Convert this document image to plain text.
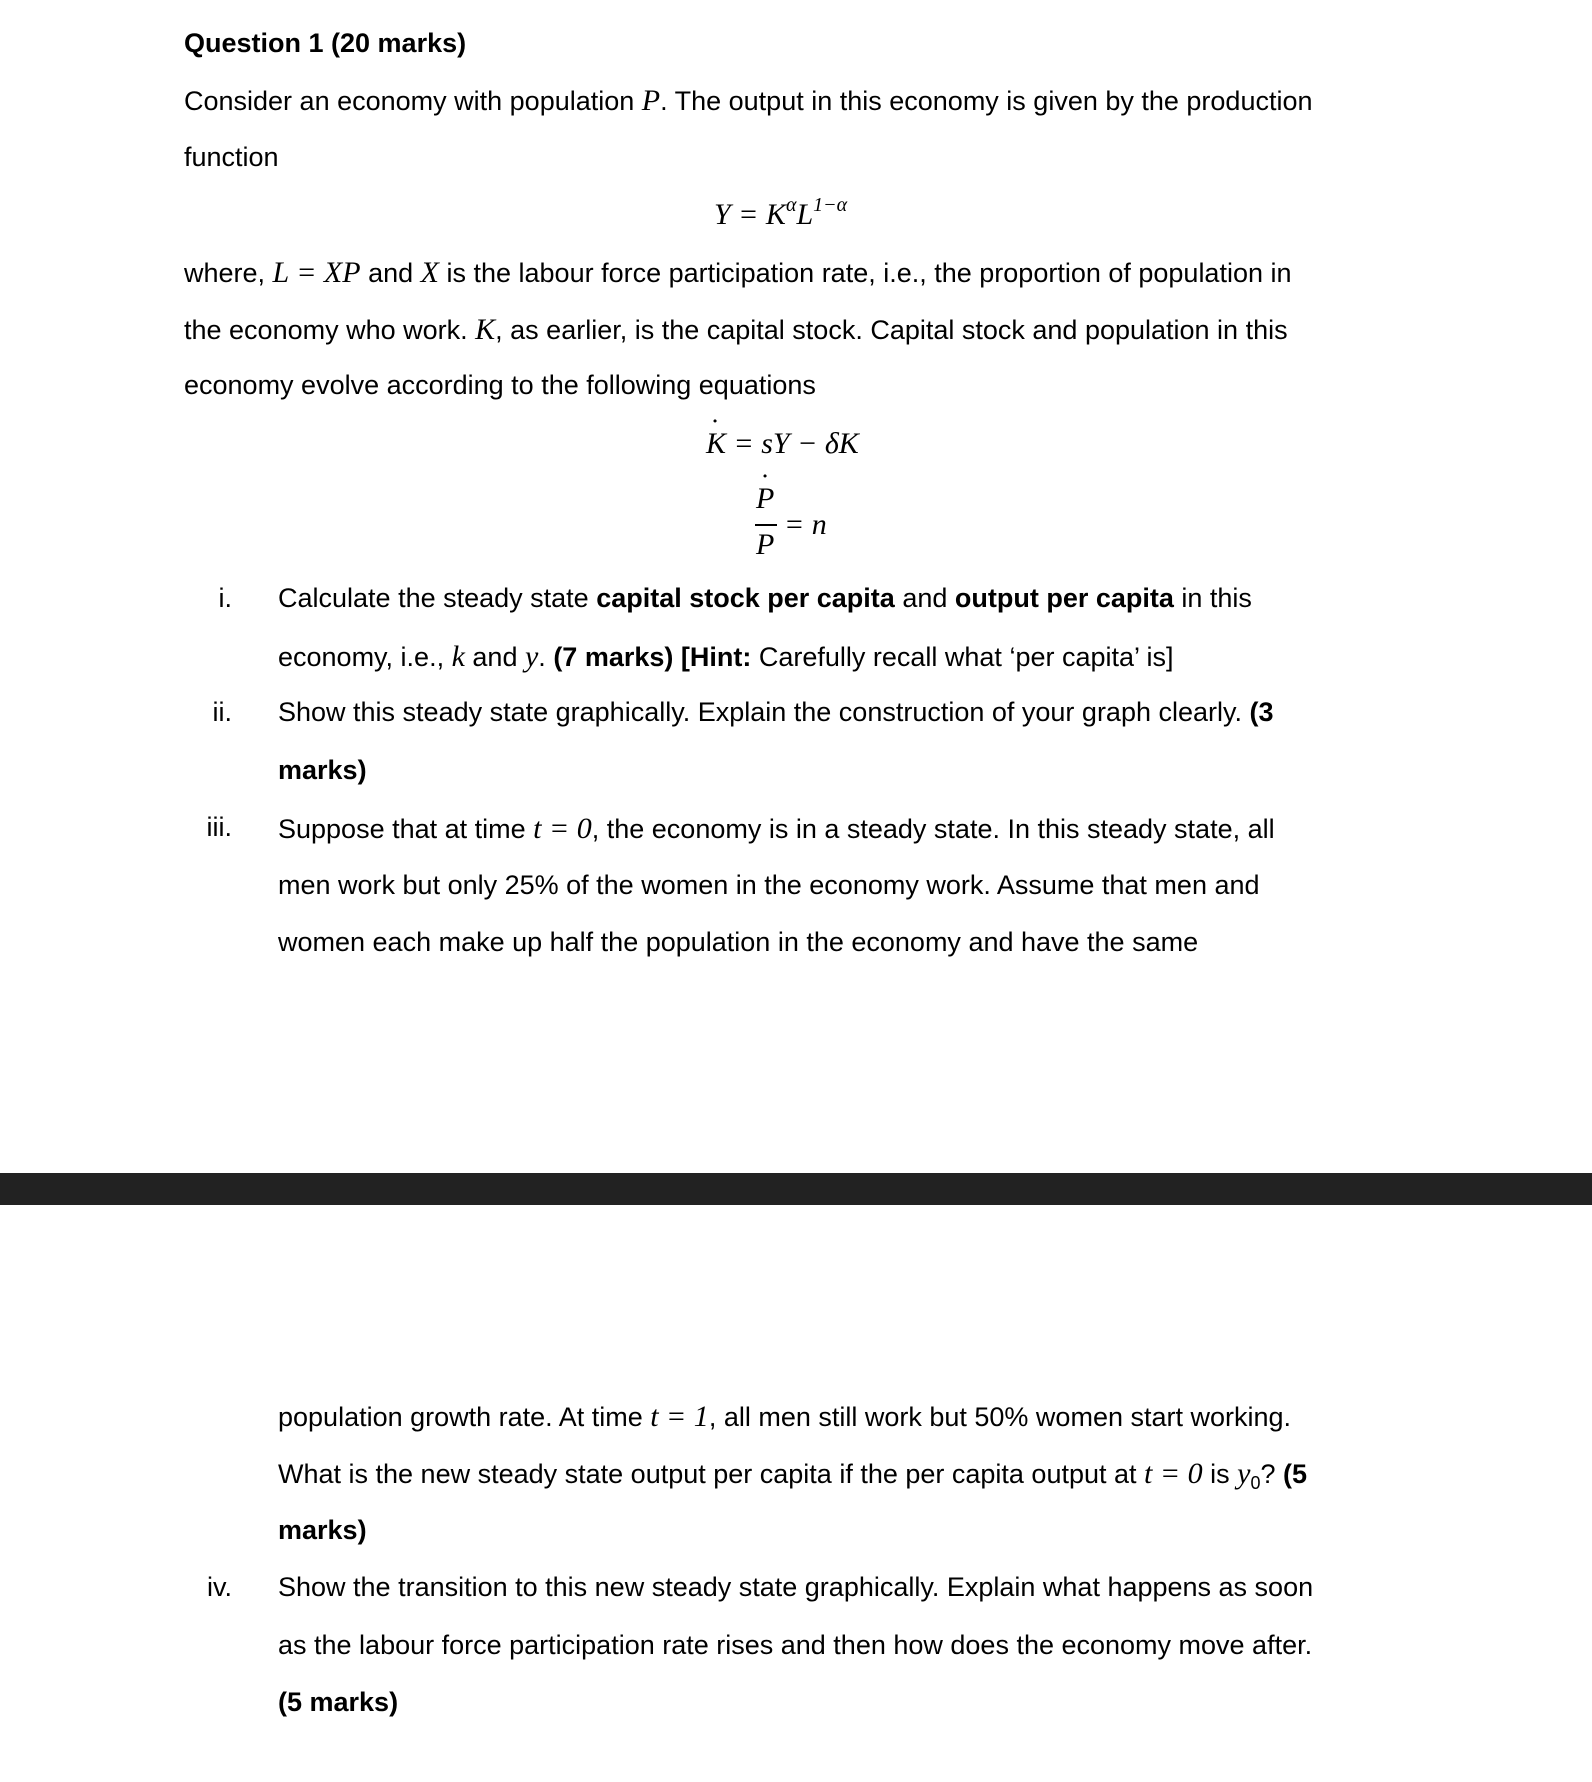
Question 1 (20 marks)
Consider an economy with population P. The output in this economy is given by the production
function
$Y = K^\alpha L^{1-\alpha}$
where, L = XP and X is the labour force participation rate, i.e., the proportion of population in
the economy who work. K, as earlier, is the capital stock. Capital stock and population in this
economy evolve according to the following equations
K ˙ = sY − δK
P ˙
P
= n
i. Calculate the steady state capital stock per capita and output per capita in this
economy, i.e., k and y. (7 marks) [Hint: Carefully recall what ‘per capita’ is]
ii. Show this steady state graphically. Explain the construction of your graph clearly. (3
marks)
iii. Suppose that at time t = 0, the economy is in a steady state. In this steady state, all
men work but only 25% of the women in the economy work. Assume that men and
women each make up half the population in the economy and have the same
population growth rate. At time t = 1, all men still work but 50% women start working.
What is the new steady state output per capita if the per capita output at t = 0 is $y_0$? (5
marks)
iv. Show the transition to this new steady state graphically. Explain what happens as soon
as the labour force participation rate rises and then how does the economy move after.
(5 marks)
